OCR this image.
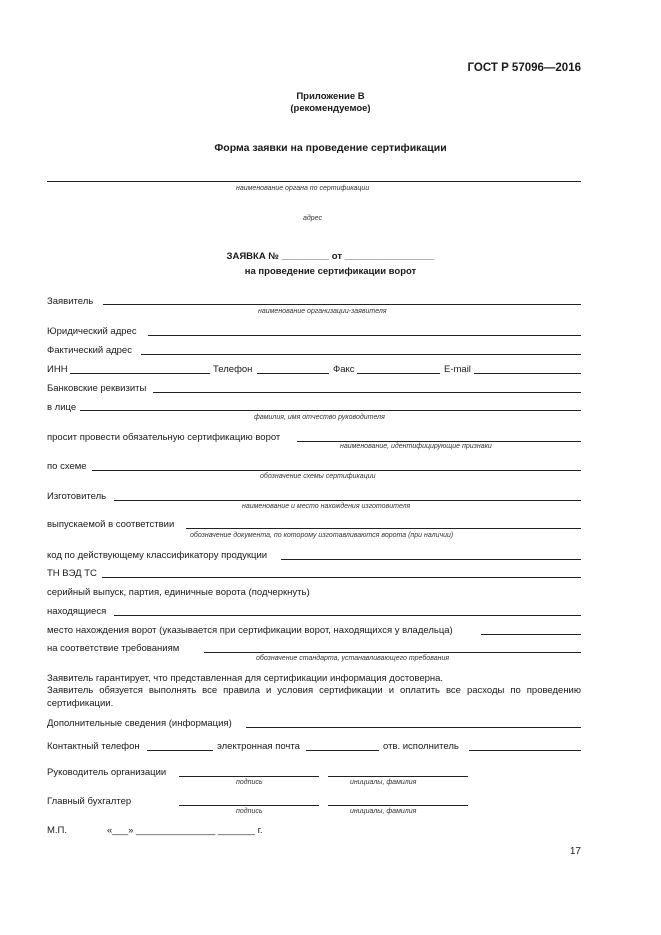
ГОСТ Р 57096—2016
Приложение В
(рекомендуемое)
Форма заявки на проведение сертификации
наименование органа по сертификации
адрес
ЗАЯВКА № _________ от _________________
на проведение сертификации ворот
Заявитель
наименование организации-заявителя
Юридический адрес
Фактический адрес
ИНН	Телефон	Факс	E-mail
Банковские реквизиты
в лице
фамилия, имя отчество руководителя
просит провести обязательную сертификацию ворот
наименование, идентифицирующие признаки
по схеме
обозначение схемы сертификации
Изготовитель
наименование и место нахождения изготовителя
выпускаемой в соответствии
обозначение документа, по которому изготавливаются ворота (при наличии)
код по действующему классификатору продукции
ТН ВЭД ТС
серийный выпуск, партия, единичные ворота (подчеркнуть)
находящиеся
место нахождения ворот (указывается при сертификации ворот, находящихся у владельца)
на соответствие требованиям
обозначение стандарта, устанавливающего требования
Заявитель гарантирует, что представленная для сертификации информация достоверна.
Заявитель обязуется выполнять все правила и условия сертификации и оплатить все расходы по проведению сертификации.
Дополнительные сведения (информация)
Контактный телефон	электронная почта	отв. исполнитель
Руководитель организации
подпись	инициалы, фамилия
Главный бухгалтер
подпись	инициалы, фамилия
М.П.	«___» _______________ _______ г.
17
